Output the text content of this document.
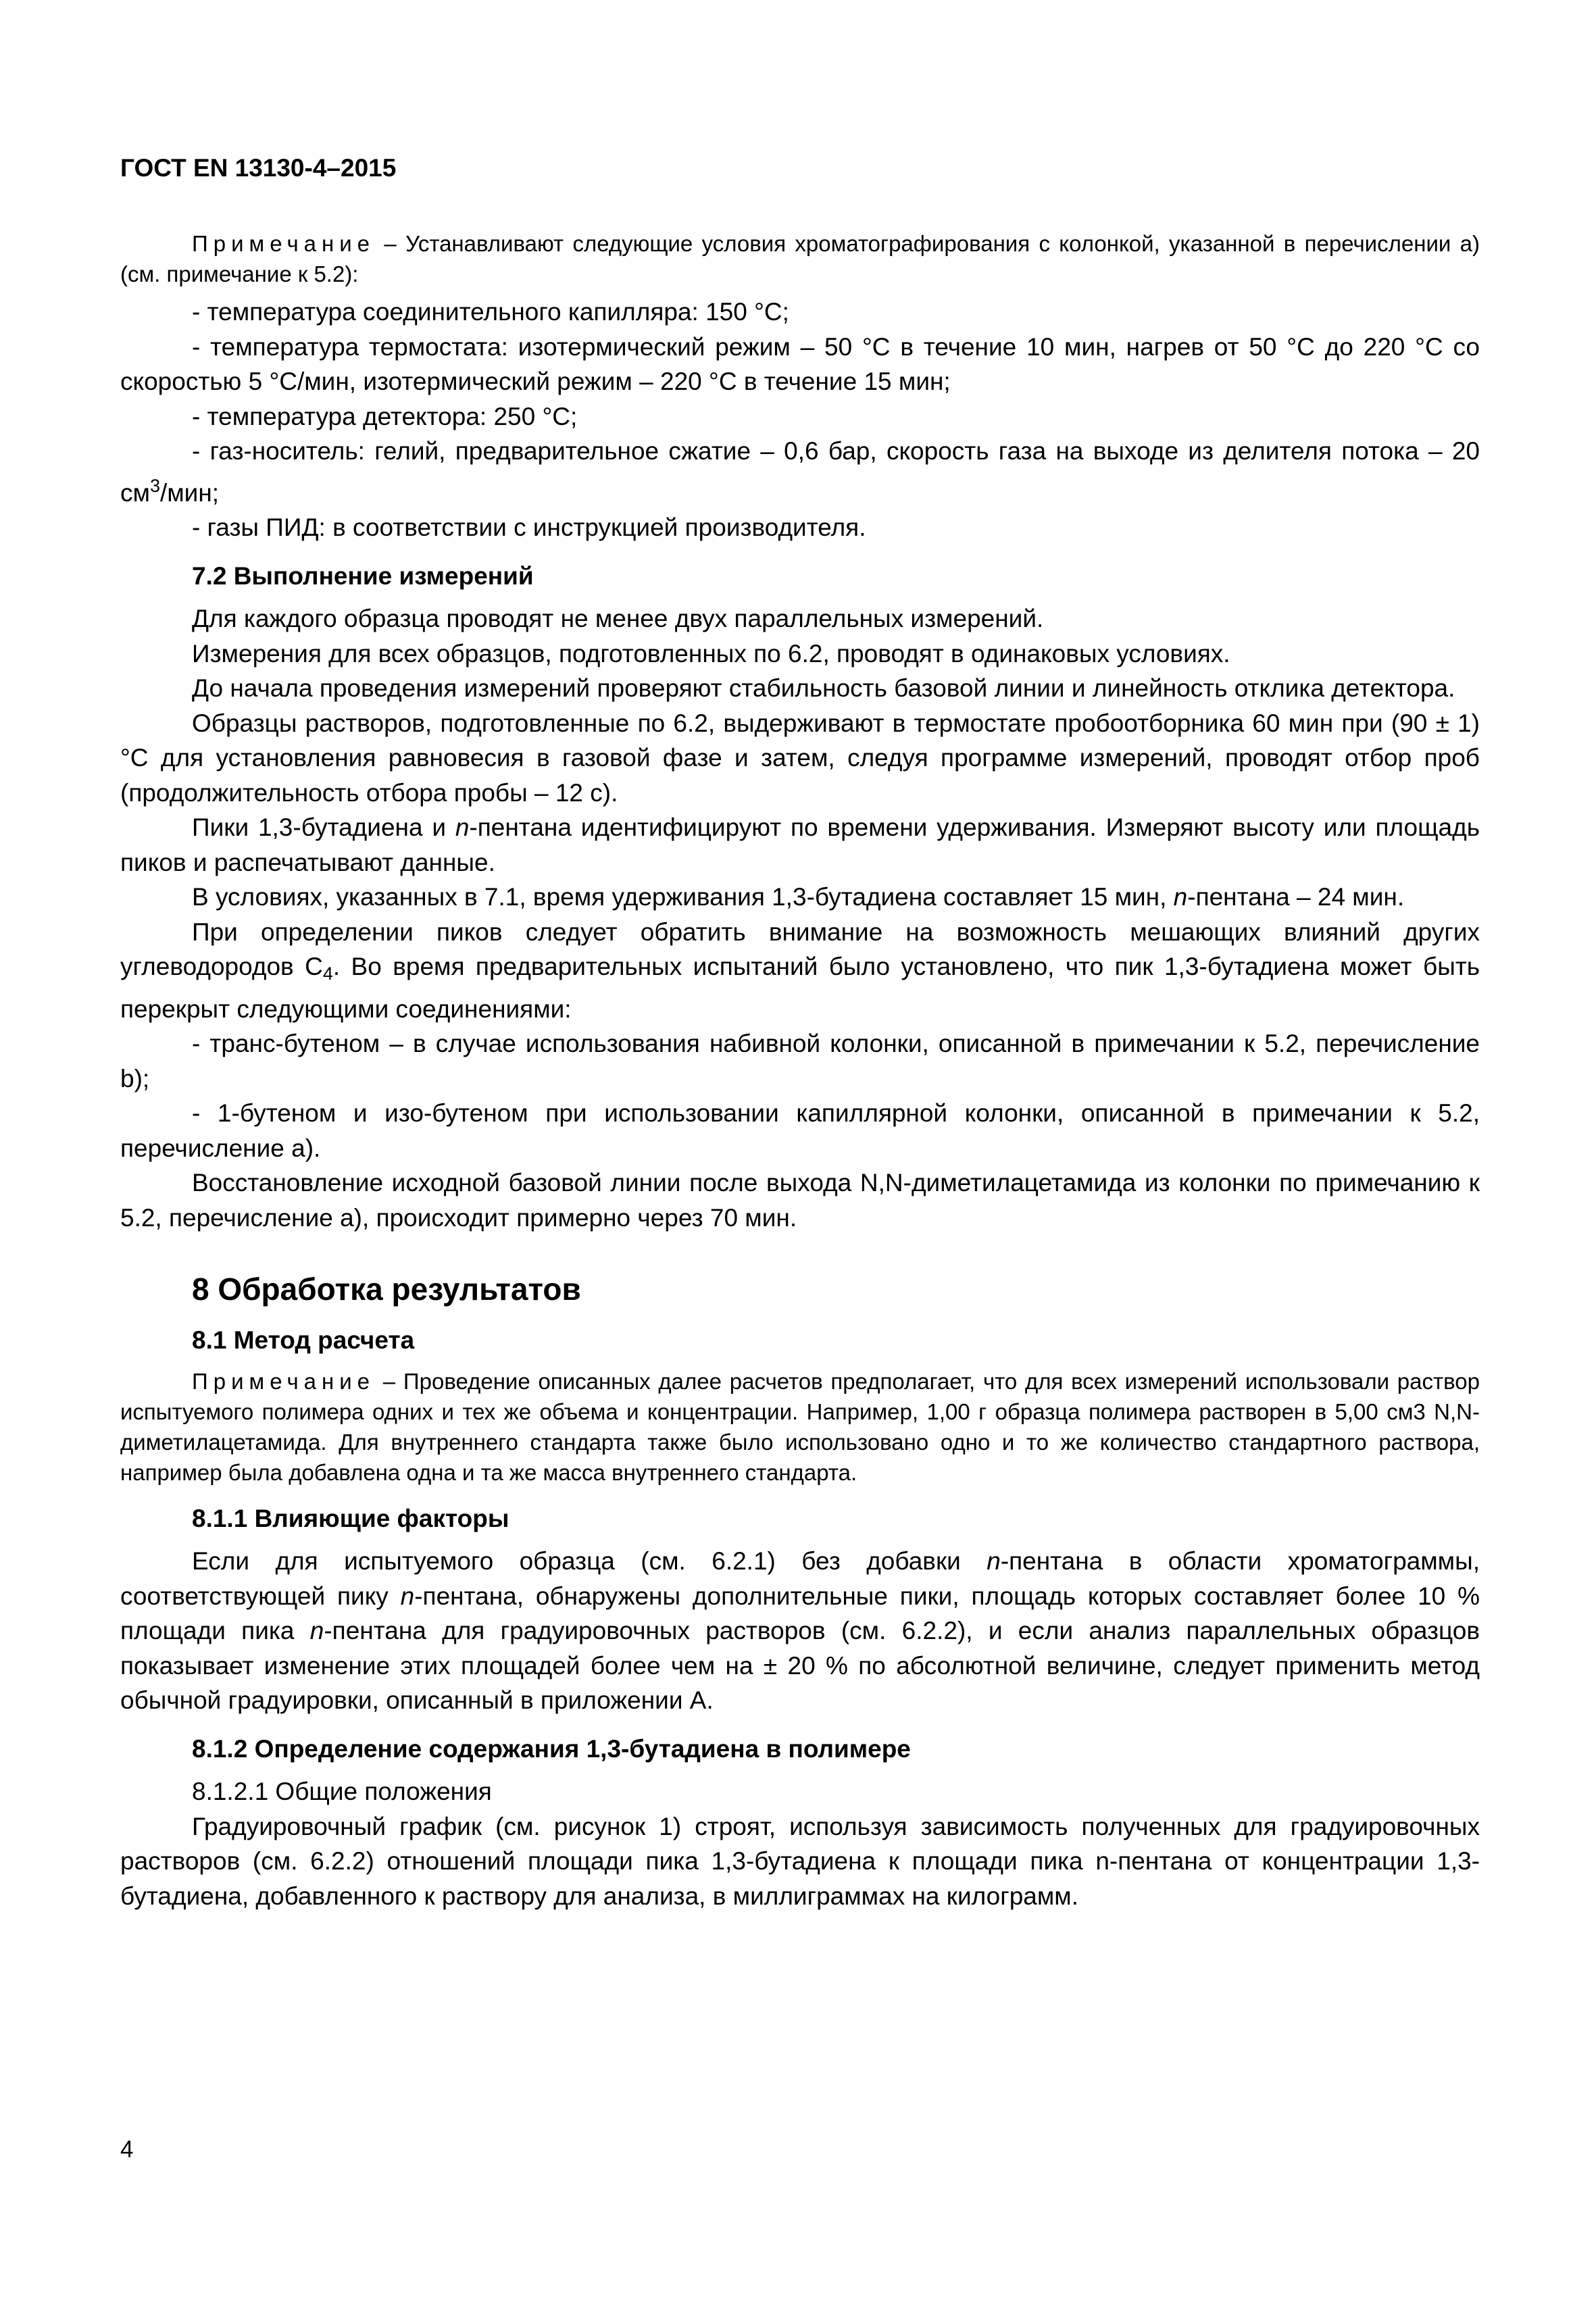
ГОСТ EN 13130-4–2015

Примечание – Устанавливают следующие условия хроматографирования с колонкой, указанной в перечислении а) (см. примечание к 5.2):

- температура соединительного капилляра: 150 °С;

- температура термостата: изотермический режим – 50 °С в течение 10 мин, нагрев от 50 °С до 220 °С со скоростью 5 °С/мин, изотермический режим – 220 °С в течение 15 мин;

- температура детектора: 250 °С;

- газ-носитель: гелий, предварительное сжатие – 0,6 бар, скорость газа на выходе из делителя потока – 20 $см^3$/мин;

- газы ПИД: в соответствии с инструкцией производителя.

7.2 Выполнение измерений

Для каждого образца проводят не менее двух параллельных измерений.

Измерения для всех образцов, подготовленных по 6.2, проводят в одинаковых условиях.

До начала проведения измерений проверяют стабильность базовой линии и линейность отклика детектора.

Образцы растворов, подготовленные по 6.2, выдерживают в термостате пробоотборника 60 мин при (90 ± 1) °С для установления равновесия в газовой фазе и затем, следуя программе измерений, проводят отбор проб (продолжительность отбора пробы – 12 с).

Пики 1,3-бутадиена и n-пентана идентифицируют по времени удерживания. Измеряют высоту или площадь пиков и распечатывают данные.

В условиях, указанных в 7.1, время удерживания 1,3-бутадиена составляет 15 мин, n-пентана – 24 мин.

При определении пиков следует обратить внимание на возможность мешающих влияний других углеводородов $С_4$. Во время предварительных испытаний было установлено, что пик 1,3-бутадиена может быть перекрыт следующими соединениями:

- транс-бутеном – в случае использования набивной колонки, описанной в примечании к 5.2, перечисление b);

- 1-бутеном и изо-бутеном при использовании капиллярной колонки, описанной в примечании к 5.2, перечисление а).

Восстановление исходной базовой линии после выхода N,N-диметилацетамида из колонки по примечанию к 5.2, перечисление а), происходит примерно через 70 мин.

8 Обработка результатов
8.1 Метод расчета

Примечание – Проведение описанных далее расчетов предполагает, что для всех измерений использовали раствор испытуемого полимера одних и тех же объема и концентрации. Например, 1,00 г образца полимера растворен в 5,00 см3 N,N-диметилацетамида. Для внутреннего стандарта также было использовано одно и то же количество стандартного раствора, например была добавлена одна и та же масса внутреннего стандарта.

8.1.1 Влияющие факторы

Если для испытуемого образца (см. 6.2.1) без добавки n-пентана в области хроматограммы, соответствующей пику n-пентана, обнаружены дополнительные пики, площадь которых составляет более 10 % площади пика n-пентана для градуировочных растворов (см. 6.2.2), и если анализ параллельных образцов показывает изменение этих площадей более чем на ± 20 % по абсолютной величине, следует применить метод обычной градуировки, описанный в приложении А.

8.1.2 Определение содержания 1,3-бутадиена в полимере

8.1.2.1 Общие положения

Градуировочный график (см. рисунок 1) строят, используя зависимость полученных для градуировочных растворов (см. 6.2.2) отношений площади пика 1,3-бутадиена к площади пика n-пентана от концентрации 1,3-бутадиена, добавленного к раствору для анализа, в миллиграммах на килограмм.

4
